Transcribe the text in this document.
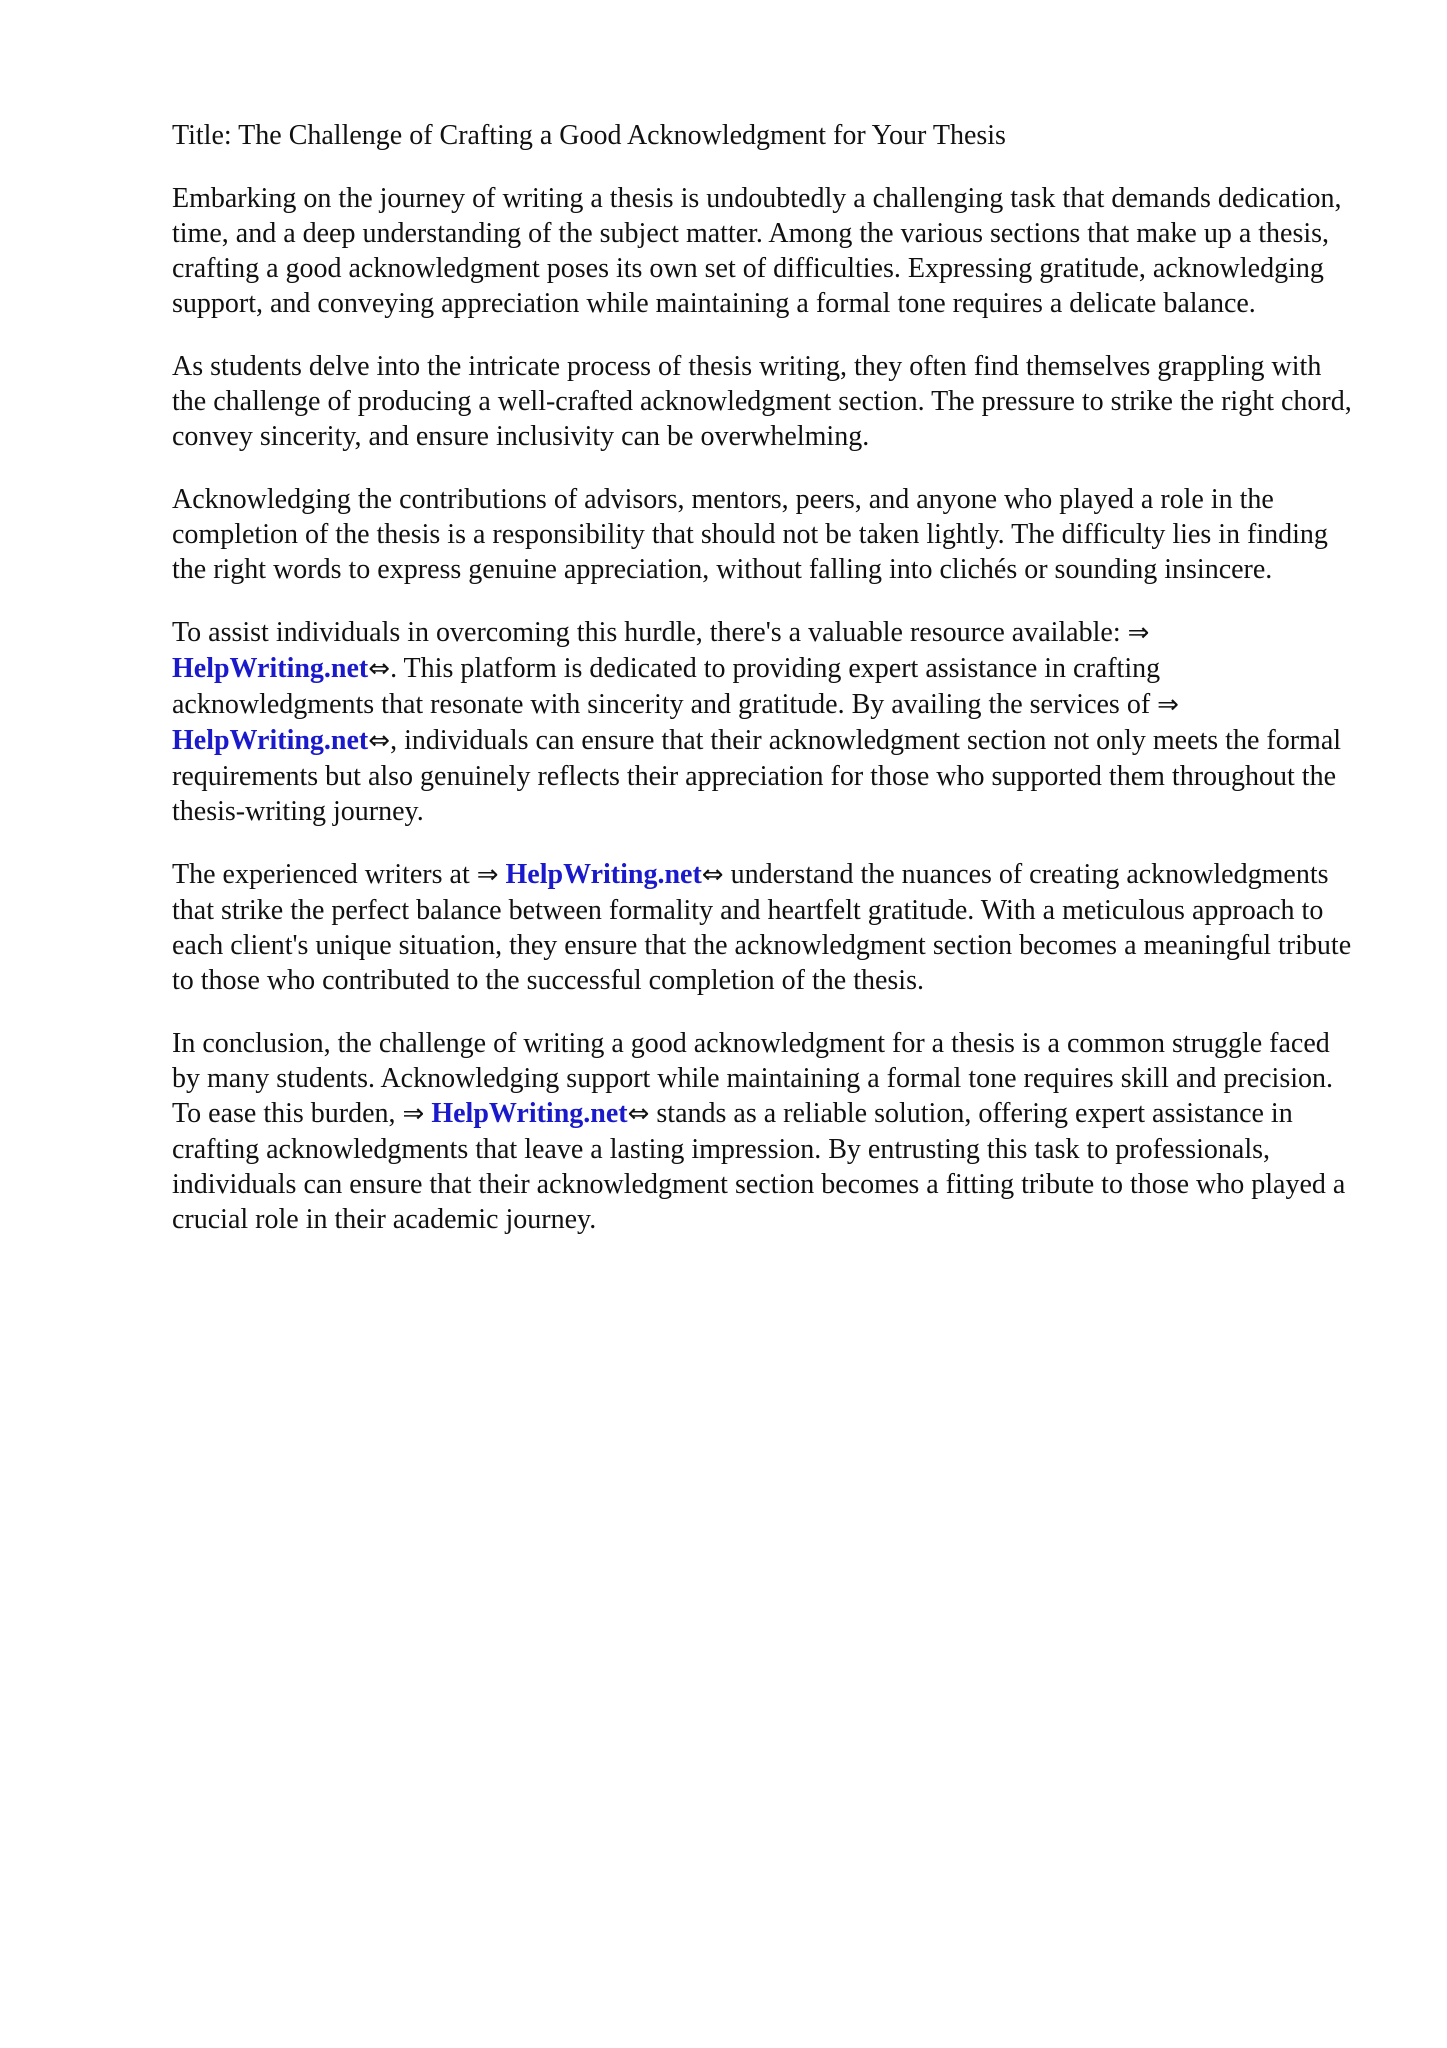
Title: The Challenge of Crafting a Good Acknowledgment for Your Thesis

Embarking on the journey of writing a thesis is undoubtedly a challenging task that demands dedication, time, and a deep understanding of the subject matter. Among the various sections that make up a thesis, crafting a good acknowledgment poses its own set of difficulties. Expressing gratitude, acknowledging support, and conveying appreciation while maintaining a formal tone requires a delicate balance.

As students delve into the intricate process of thesis writing, they often find themselves grappling with the challenge of producing a well-crafted acknowledgment section. The pressure to strike the right chord, convey sincerity, and ensure inclusivity can be overwhelming.

Acknowledging the contributions of advisors, mentors, peers, and anyone who played a role in the completion of the thesis is a responsibility that should not be taken lightly. The difficulty lies in finding the right words to express genuine appreciation, without falling into clichés or sounding insincere.

To assist individuals in overcoming this hurdle, there's a valuable resource available: ⇒ HelpWriting.net⇔. This platform is dedicated to providing expert assistance in crafting acknowledgments that resonate with sincerity and gratitude. By availing the services of ⇒ HelpWriting.net⇔, individuals can ensure that their acknowledgment section not only meets the formal requirements but also genuinely reflects their appreciation for those who supported them throughout the thesis-writing journey.

The experienced writers at ⇒ HelpWriting.net⇔ understand the nuances of creating acknowledgments that strike the perfect balance between formality and heartfelt gratitude. With a meticulous approach to each client's unique situation, they ensure that the acknowledgment section becomes a meaningful tribute to those who contributed to the successful completion of the thesis.

In conclusion, the challenge of writing a good acknowledgment for a thesis is a common struggle faced by many students. Acknowledging support while maintaining a formal tone requires skill and precision. To ease this burden, ⇒ HelpWriting.net⇔ stands as a reliable solution, offering expert assistance in crafting acknowledgments that leave a lasting impression. By entrusting this task to professionals, individuals can ensure that their acknowledgment section becomes a fitting tribute to those who played a crucial role in their academic journey.
